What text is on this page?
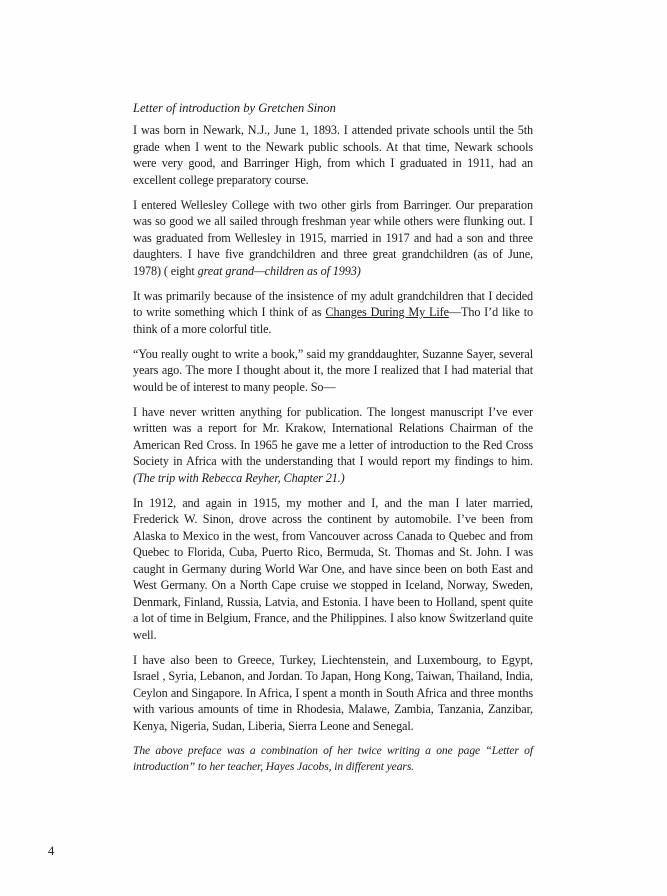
Letter of introduction by Gretchen Sinon

I was born in Newark, N.J., June 1, 1893. I attended private schools until the 5th grade when I went to the Newark public schools. At that time, Newark schools were very good, and Barringer High, from which I graduated in 1911, had an excellent college preparatory course.

I entered Wellesley College with two other girls from Barringer. Our preparation was so good we all sailed through freshman year while others were flunking out. I was graduated from Wellesley in 1915, married in 1917 and had a son and three daughters. I have five grandchildren and three great grandchildren (as of June, 1978) ( eight great grand—children as of 1993)

It was primarily because of the insistence of my adult grandchildren that I decided to write something which I think of as Changes During My Life—Tho I’d like to think of a more colorful title.

“You really ought to write a book,” said my granddaughter, Suzanne Sayer, several years ago. The more I thought about it, the more I realized that I had material that would be of interest to many people. So—

I have never written anything for publication. The longest manuscript I’ve ever written was a report for Mr. Krakow, International Relations Chairman of the American Red Cross. In 1965 he gave me a letter of introduction to the Red Cross Society in Africa with the understanding that I would report my findings to him. (The trip with Rebecca Reyher, Chapter 21.)

In 1912, and again in 1915, my mother and I, and the man I later married, Frederick W. Sinon, drove across the continent by automobile. I’ve been from Alaska to Mexico in the west, from Vancouver across Canada to Quebec and from Quebec to Florida, Cuba, Puerto Rico, Bermuda, St. Thomas and St. John. I was caught in Germany during World War One, and have since been on both East and West Germany. On a North Cape cruise we stopped in Iceland, Norway, Sweden, Denmark, Finland, Russia, Latvia, and Estonia. I have been to Holland, spent quite a lot of time in Belgium, France, and the Philippines. I also know Switzerland quite well.

I have also been to Greece, Turkey, Liechtenstein, and Luxembourg, to Egypt, Israel , Syria, Lebanon, and Jordan. To Japan, Hong Kong, Taiwan, Thailand, India, Ceylon and Singapore. In Africa, I spent a month in South Africa and three months with various amounts of time in Rhodesia, Malawe, Zambia, Tanzania, Zanzibar, Kenya, Nigeria, Sudan, Liberia, Sierra Leone and Senegal.

The above preface was a combination of her twice writing a one page “Letter of introduction” to her teacher, Hayes Jacobs, in different years.

4
